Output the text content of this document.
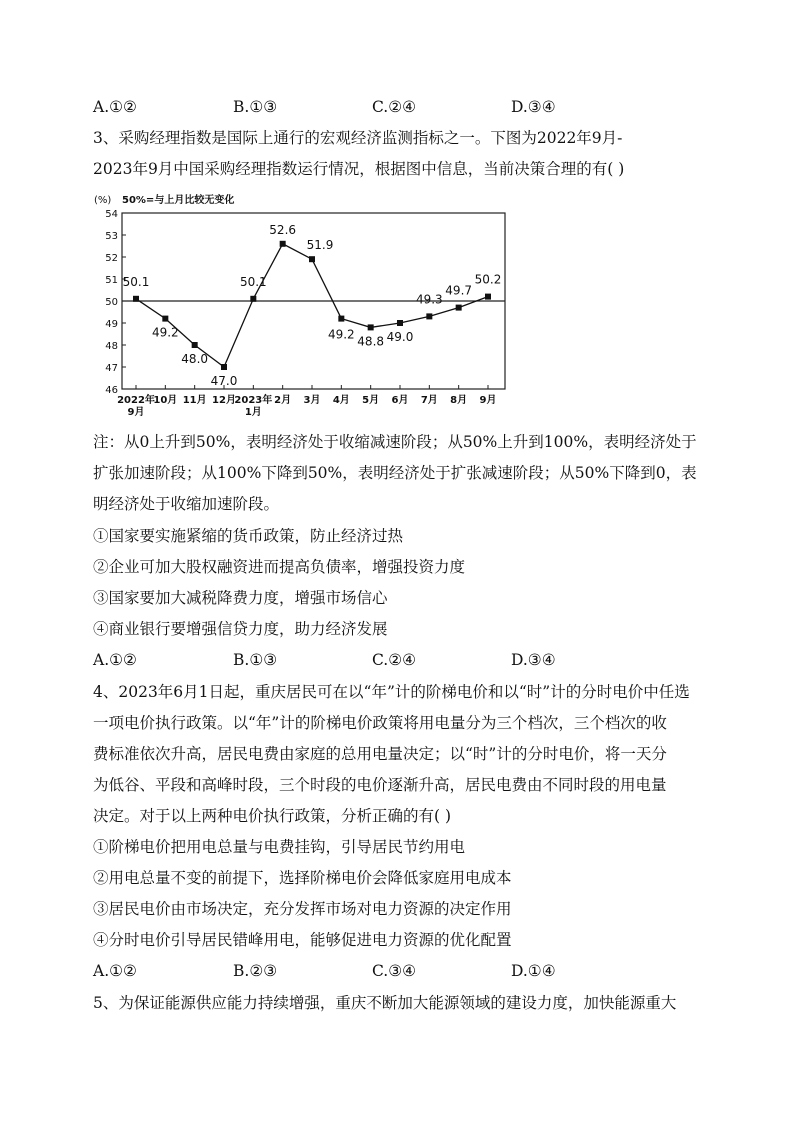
A.①②	B.①③	C.②④	D.③④
3、采购经理指数是国际上通行的宏观经济监测指标之一。下图为2022年9月-
2023年9月中国采购经理指数运行情况，根据图中信息，当前决策合理的有( )
(%) 50%=与上月比较无变化
46
47
48
49
50
51
52
53
54
2022年 9月
10月 11月 12月
2023年 1月
2月 3月 4月 5月 6月 7月 8月 9月
50.1
49.2
48.0
47.0
50.1
52.6
51.9
49.2 48.8 49.0
49.3
49.7
50.2
注：从0上升到50%，表明经济处于收缩减速阶段；从50%上升到100%，表明经济处于
扩张加速阶段；从100%下降到50%，表明经济处于扩张减速阶段；从50%下降到0，表
明经济处于收缩加速阶段。
①国家要实施紧缩的货币政策，防止经济过热
②企业可加大股权融资进而提高负债率，增强投资力度
③国家要加大减税降费力度，增强市场信心
④商业银行要增强信贷力度，助力经济发展
A.①②	B.①③	C.②④	D.③④
4、2023年6月1日起，重庆居民可在以“年”计的阶梯电价和以“时”计的分时电价中任选
一项电价执行政策。以“年”计的阶梯电价政策将用电量分为三个档次，三个档次的收
费标准依次升高，居民电费由家庭的总用电量决定；以“时”计的分时电价，将一天分
为低谷、平段和高峰时段，三个时段的电价逐渐升高，居民电费由不同时段的用电量
决定。对于以上两种电价执行政策，分析正确的有( )
①阶梯电价把用电总量与电费挂钩，引导居民节约用电
②用电总量不变的前提下，选择阶梯电价会降低家庭用电成本
③居民电价由市场决定，充分发挥市场对电力资源的决定作用
④分时电价引导居民错峰用电，能够促进电力资源的优化配置
A.①②	B.②③	C.③④	D.①④
5、为保证能源供应能力持续增强，重庆不断加大能源领域的建设力度，加快能源重大
